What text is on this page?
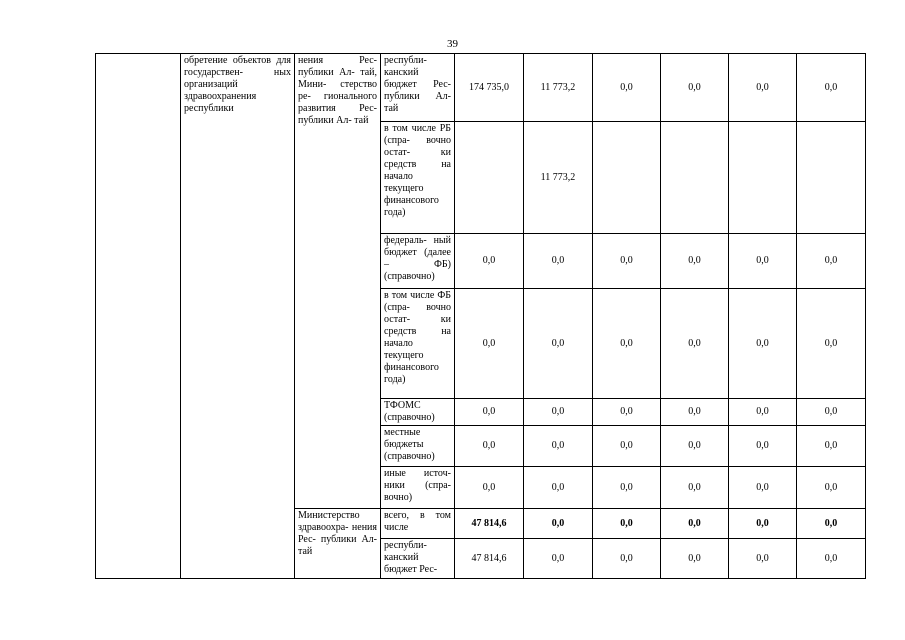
39
	обретение объектов для государствен- ных организаций здравоохранения республики	нения Рес- публики Ал- тай, Мини- стерство ре- гионального развития Рес- публики Ал- тай	республи- канский бюджет Рес- публики Ал- тай	174 735,0	11 773,2	0,0	0,0	0,0	0,0
			в том числе РБ (спра- вочно остат- ки средств на начало текущего финансового года)		11 773,2				
			федераль- ный бюджет (далее – ФБ) (справочно)	0,0	0,0	0,0	0,0	0,0	0,0
			в том числе ФБ (спра- вочно остат- ки средств на начало текущего финансового года)	0,0	0,0	0,0	0,0	0,0	0,0
			ТФОМС (справочно)	0,0	0,0	0,0	0,0	0,0	0,0
			местные бюджеты (справочно)	0,0	0,0	0,0	0,0	0,0	0,0
			иные источ- ники (спра- вочно)	0,0	0,0	0,0	0,0	0,0	0,0
		Министерство здравоохра- нения Рес- публики Ал- тай	всего, в том числе	47 814,6	0,0	0,0	0,0	0,0	0,0
			республи- канский бюджет Рес-	47 814,6	0,0	0,0	0,0	0,0	0,0
